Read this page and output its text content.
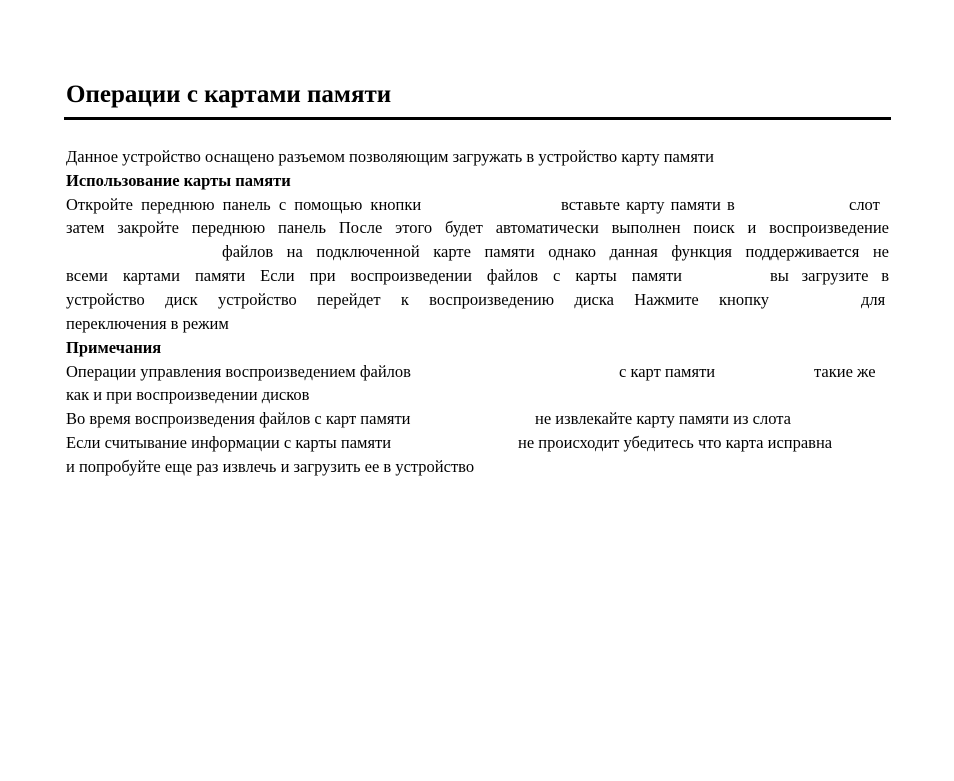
Операции с картами памяти

Данное устройство оснащено разъемом позволяющим загружать в устройство карту памяти

Использование карты памяти

Откройте переднюю панель с помощью кнопки	вставьте карту памяти в	слот

затем закройте переднюю панель После этого будет автоматически выполнен поиск и воспроизведение

файлов на подключенной карте памяти однако данная функция поддерживается не

всеми картами памяти Если при воспроизведении файлов с карты памяти	вы загрузите в
устройство диск устройство перейдет к воспроизведению диска Нажмите кнопку	для

переключения в режим

Примечания

Операции управления воспроизведением файлов	с карт памяти	такие же

как и при воспроизведении дисков

Во время воспроизведения файлов с карт памяти	не извлекайте карту памяти из слота
Если считывание информации с карты памяти	не происходит убедитесь что карта исправна

и попробуйте еще раз извлечь и загрузить ее в устройство
